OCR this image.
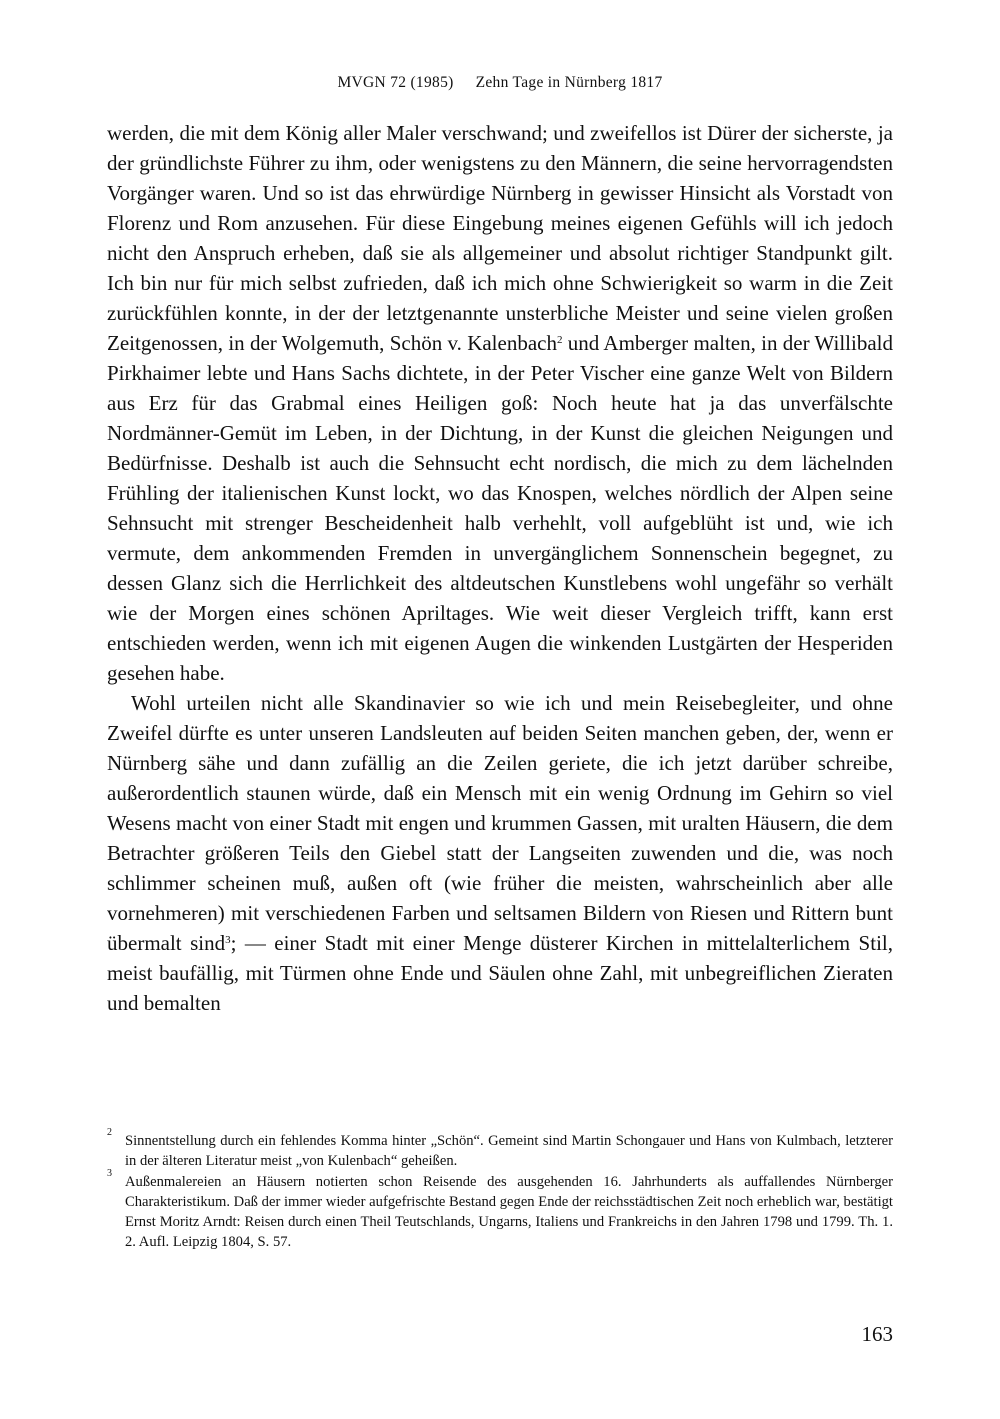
MVGN 72 (1985) Zehn Tage in Nürnberg 1817

werden, die mit dem König aller Maler verschwand; und zweifellos ist Dürer der sicherste, ja der gründlichste Führer zu ihm, oder wenigstens zu den Männern, die seine hervorragendsten Vorgänger waren. Und so ist das ehrwürdige Nürnberg in gewisser Hinsicht als Vorstadt von Florenz und Rom anzusehen. Für diese Eingebung meines eigenen Gefühls will ich jedoch nicht den Anspruch erheben, daß sie als allgemeiner und absolut richtiger Standpunkt gilt. Ich bin nur für mich selbst zufrieden, daß ich mich ohne Schwierigkeit so warm in die Zeit zurückfühlen konnte, in der der letztgenannte unsterbliche Meister und seine vielen großen Zeitgenossen, in der Wolgemuth, Schön v. Kalenbach$^2$ und Amberger malten, in der Willibald Pirkhaimer lebte und Hans Sachs dichtete, in der Peter Vischer eine ganze Welt von Bildern aus Erz für das Grabmal eines Heiligen goß: Noch heute hat ja das unverfälschte Nordmänner-Gemüt im Leben, in der Dichtung, in der Kunst die gleichen Neigungen und Bedürfnisse. Deshalb ist auch die Sehnsucht echt nordisch, die mich zu dem lächelnden Frühling der italienischen Kunst lockt, wo das Knospen, welches nördlich der Alpen seine Sehnsucht mit strenger Bescheidenheit halb verhehlt, voll aufgeblüht ist und, wie ich vermute, dem ankommenden Fremden in unvergänglichem Sonnenschein begegnet, zu dessen Glanz sich die Herrlichkeit des altdeutschen Kunstlebens wohl ungefähr so verhält wie der Morgen eines schönen Apriltages. Wie weit dieser Vergleich trifft, kann erst entschieden werden, wenn ich mit eigenen Augen die winkenden Lustgärten der Hesperiden gesehen habe.

Wohl urteilen nicht alle Skandinavier so wie ich und mein Reisebegleiter, und ohne Zweifel dürfte es unter unseren Landsleuten auf beiden Seiten manchen geben, der, wenn er Nürnberg sähe und dann zufällig an die Zeilen geriete, die ich jetzt darüber schreibe, außerordentlich staunen würde, daß ein Mensch mit ein wenig Ordnung im Gehirn so viel Wesens macht von einer Stadt mit engen und krummen Gassen, mit uralten Häusern, die dem Betrachter größeren Teils den Giebel statt der Langseiten zuwenden und die, was noch schlimmer scheinen muß, außen oft (wie früher die meisten, wahrscheinlich aber alle vornehmeren) mit verschiedenen Farben und seltsamen Bildern von Riesen und Rittern bunt übermalt sind$^3$; — einer Stadt mit einer Menge düsterer Kirchen in mittelalterlichem Stil, meist baufällig, mit Türmen ohne Ende und Säulen ohne Zahl, mit unbegreiflichen Zieraten und bemalten

2
Sinnentstellung durch ein fehlendes Komma hinter „Schön“. Gemeint sind Martin Schongauer und Hans von Kulmbach, letzterer in der älteren Literatur meist „von Kulenbach“ geheißen.

3
Außenmalereien an Häusern notierten schon Reisende des ausgehenden 16. Jahrhunderts als auffallendes Nürnberger Charakteristikum. Daß der immer wieder aufgefrischte Bestand gegen Ende der reichsstädtischen Zeit noch erheblich war, bestätigt Ernst Moritz Arndt: Reisen durch einen Theil Teutschlands, Ungarns, Italiens und Frankreichs in den Jahren 1798 und 1799. Th. 1. 2. Aufl. Leipzig 1804, S. 57.

163
